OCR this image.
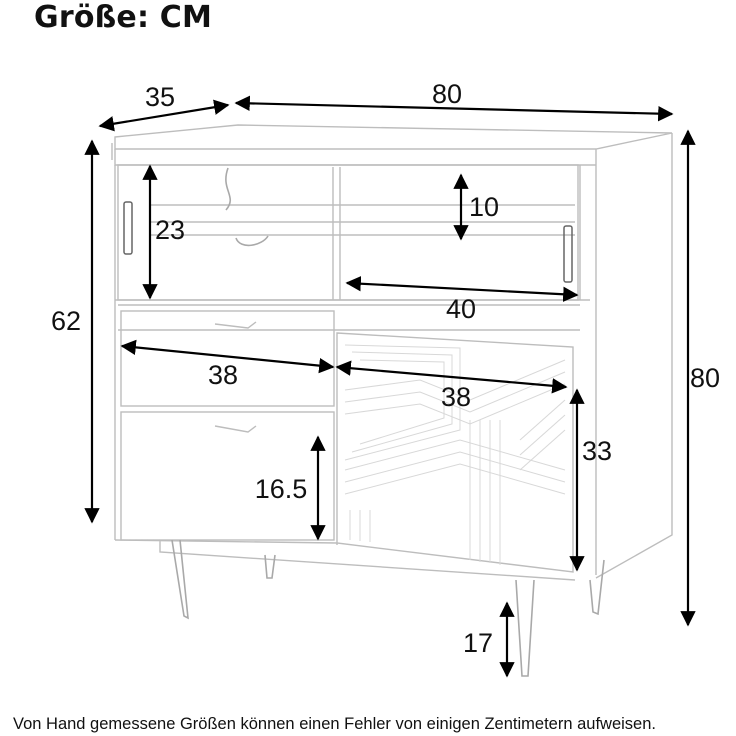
Größe: CM
35	80
62
80
23
10
40
38
38
33
16.5
17
Von Hand gemessene Größen können einen Fehler von einigen Zentimetern aufweisen.
